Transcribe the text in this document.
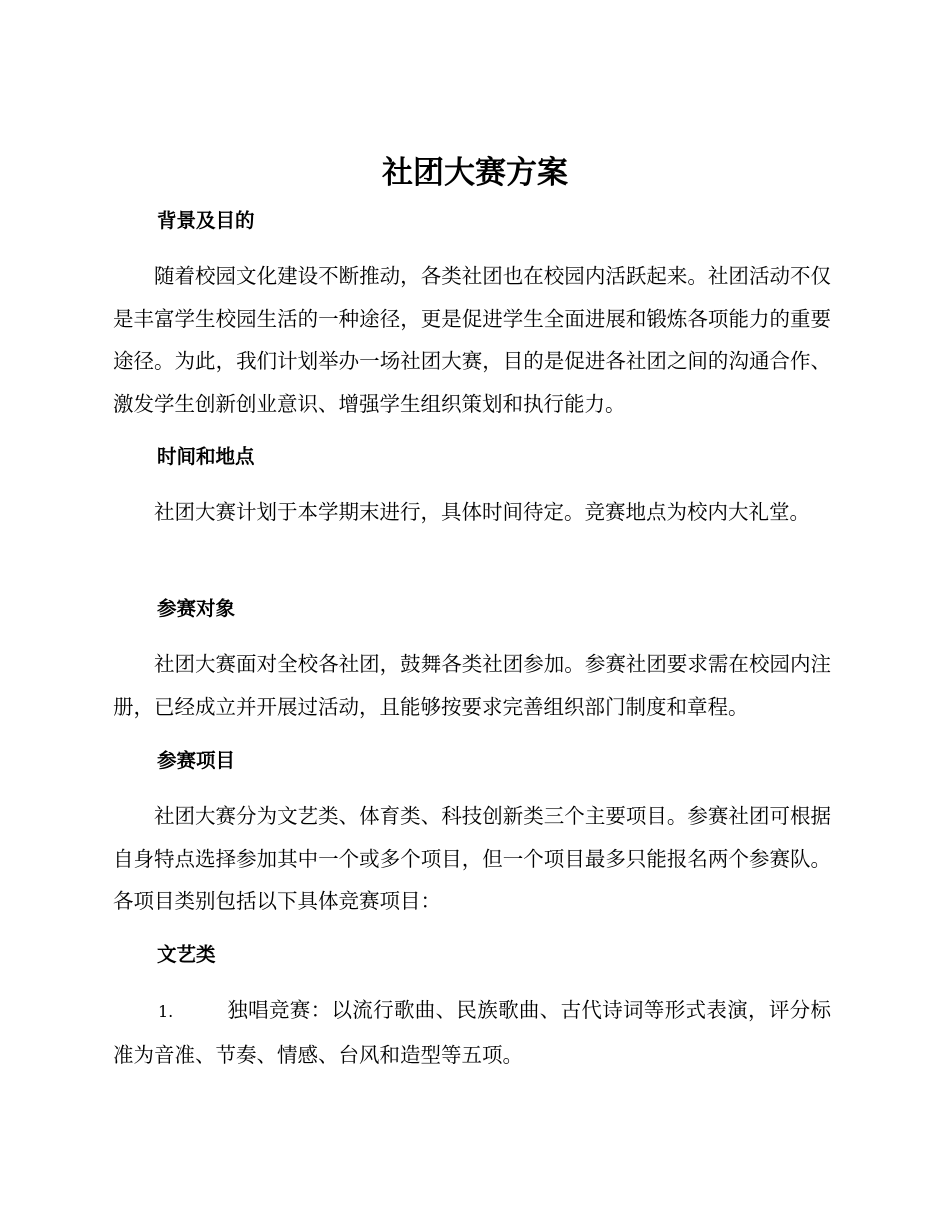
社团大赛方案
背景及目的

随着校园文化建设不断推动，各类社团也在校园内活跃起来。社团活动不仅是丰富学生校园生活的一种途径，更是促进学生全面进展和锻炼各项能力的重要途径。为此，我们计划举办一场社团大赛，目的是促进各社团之间的沟通合作、激发学生创新创业意识、增强学生组织策划和执行能力。

时间和地点

社团大赛计划于本学期末进行，具体时间待定。竞赛地点为校内大礼堂。

参赛对象

社团大赛面对全校各社团，鼓舞各类社团参加。参赛社团要求需在校园内注册，已经成立并开展过活动，且能够按要求完善组织部门制度和章程。

参赛项目

社团大赛分为文艺类、体育类、科技创新类三个主要项目。参赛社团可根据自身特点选择参加其中一个或多个项目，但一个项目最多只能报名两个参赛队。各项目类别包括以下具体竞赛项目：

文艺类

1.	独唱竞赛：以流行歌曲、民族歌曲、古代诗词等形式表演，评分标准为音准、节奏、情感、台风和造型等五项。
